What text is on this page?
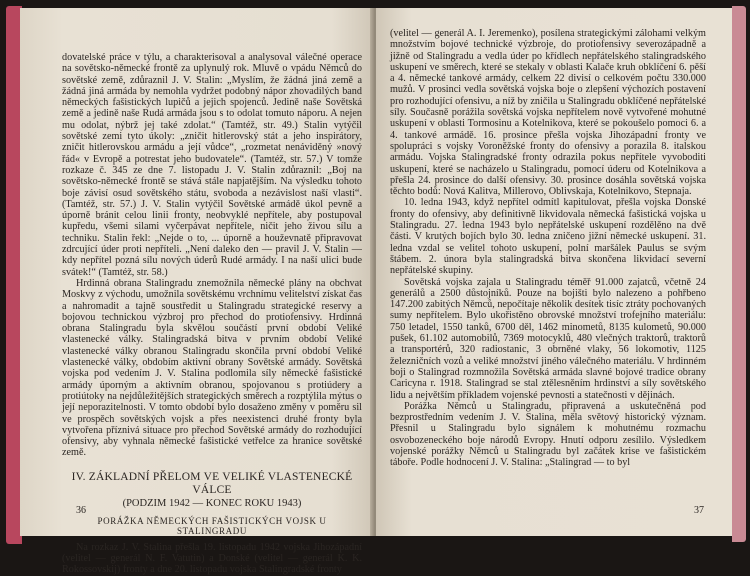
dovatelské práce v týlu, a charakterisoval a analysoval válečné operace na sovětsko-německé frontě za uplynulý rok. Mluvě o vpádu Němců do sovětské země, zdůraznil J. V. Stalin: „Myslím, že žádná jiná země a žádná jiná armáda by nemohla vydržet podobný nápor zhovadilých band německých fašistických lupičů a jejich spojenců. Jedině naše Sovětská země a jedině naše Rudá armáda jsou s to odolat tomuto náporu. A nejen mu odolat, nýbrž jej také zdolat.“ (Tamtéž, str. 49.) Stalin vytýčil sovětské zemi tyto úkoly: „zničit hitlerovský stát a jeho inspirátory, zničit hitlerovskou armádu a její vůdce“, „rozmetat nenáviděný »nový řád« v Evropě a potrestat jeho budovatele“. (Tamtéž, str. 57.) V tomže rozkaze č. 345 ze dne 7. listopadu J. V. Stalin zdůraznil: „Boj na sovětsko-německé frontě se stává stále napjatějším. Na výsledku tohoto boje závisí osud sovětského státu, svoboda a nezávislost naší vlasti“. (Tamtéž, str. 57.) J. V. Stalin vytýčil Sovětské armádě úkol pevně a úporně bránit celou linii fronty, neobvyklé nepřítele, aby postupoval kupředu, všemi silami vyčerpávat nepřítele, ničit jeho živou sílu a techniku. Stalin řekl: „Nejde o to, ... úporně a houževnatě připravovat zdrcující úder proti nepříteli. „Není daleko den — pravil J. V. Stalin — kdy nepřítel pozná sílu nových úderů Rudé armády. I na naší ulici bude svátek!“ (Tamtéž, str. 58.)

Hrdinná obrana Stalingradu znemožnila německé plány na obchvat Moskvy z východu, umožnila sovětskému vrchnímu velitelství získat čas a nahromadit a tajně soustředit u Stalingradu strategické reservy a bojovou technickou výzbroj pro přechod do protiofensivy. Hrdinná obrana Stalingradu byla skvělou součástí první období Veliké vlastenecké války. Stalingradská bitva v prvním období Veliké vlastenecké války obranou Stalingradu skončila první období Veliké vlastenecké války, obdobím aktivní obrany Sovětské armády. Sovětská vojska pod vedením J. V. Stalina podlomila síly německé fašistické armády úporným a aktivním obranou, spojovanou s protiúdery a protiútoky na nejdůležitějších strategických směrech a rozptýlila mýtus o její neporazitelnosti. V tomto období bylo dosaženo změny v poměru sil ve prospěch sovětských vojsk a přes neexistenci druhé fronty byla vytvořena příznivá situace pro přechod Sovětské armády do rozhodující ofensivy, aby vyhnala německé fašistické vetřelce za hranice sovětské země.

IV. ZÁKLADNÍ PŘELOM VE VELIKÉ VLASTENECKÉ VÁLCE
(PODZIM 1942 — KONEC ROKU 1943)
PORÁŽKA NĚMECKÝCH FAŠISTICKÝCH VOJSK U STALINGRADU

Na rozkaz J. V. Stalina přešla 19. listopadu 1942 vojska Jihozápadní (velitel — generál N. F. Vatutin) a Donské (velitel — generál K. K. Rokossovskij) fronty a dne 20. listopadu vojska Stalingradské fronty

36

(velitel — generál A. I. Jeremenko), posílena strategickými zálohami velkým množstvím bojové technické výzbroje, do protiofensivy severozápadně a jižně od Stalingradu a vedla úder po křídlech nepřátelského stalingradského uskupení ve směrech, které se stekaly v oblasti Kalače kruh obklíčení 6. pěší a 4. německé tankové armády, celkem 22 divisí o celkovém počtu 330.000 mužů. V prosinci vedla sovětská vojska boje o zlepšení výchozích postavení pro rozhodující ofensivu, a níž by zničila u Stalingradu obklíčené nepřátelské síly. Současně porážila sovětská vojska nepřítelem nově vytvořené mohutné uskupení v oblasti Tormosinu a Kotelnikova, které se pokoušelo pomoci 6. a 4. tankové armádě. 16. prosince přešla vojska Jihozápadní fronty ve spolupráci s vojsky Voroněžské fronty do ofensivy a porazila 8. italskou armádu. Vojska Stalingradské fronty odrazila pokus nepřítele vyvoboditi uskupení, které se nacházelo u Stalingradu, pomocí úderu od Kotelnikova a přešla 24. prosince do další ofensivy. 30. prosince dosáhla sovětská vojska těchto bodů: Nová Kalitva, Millerovo, Oblivskaja, Kotelnikovo, Stepnaja.

10. ledna 1943, když nepřítel odmítl kapitulovat, přešla vojska Donské fronty do ofensivy, aby definitivně likvidovala německá fašistická vojska u Stalingradu. 27. ledna 1943 bylo nepřátelské uskupení rozdělěno na dvě části. V krutých bojích bylo 30. ledna zničeno jižní německé uskupení. 31. ledna vzdal se velitel tohoto uskupení, polní maršálek Paulus se svým štábem. 2. února byla stalingradská bitva skončena likvidací severní nepřátelské skupiny.

Sovětská vojska zajala u Stalingradu téměř 91.000 zajatců, včetně 24 generálů a 2500 důstojníků. Pouze na bojišti bylo nalezeno a pohřbeno 147.200 zabitých Němců, nepočítaje několik desítek tisíc ztráty pochovaných sumy nepřítelem. Bylo ukořistěno obrovské množství trofejního materiálu: 750 letadel, 1550 tanků, 6700 děl, 1462 minometů, 8135 kulometů, 90.000 pušek, 61.102 automobilů, 7369 motocyklů, 480 vlečných traktorů, traktorů a transportérů, 320 radiostanic, 3 obrněné vlaky, 56 lokomotiv, 1125 železničních vozů a veliké množství jiného válečného materiálu. V hrdinném boji o Stalingrad rozmnožila Sovětská armáda slavné bojové tradice obrany Caricyna r. 1918. Stalingrad se stal ztělesněním hrdinství a síly sovětského lidu a největším příkladem vojenské pevnosti a statečnosti v dějinách.

Porážka Němců u Stalingradu, připravená a uskutečněná pod bezprostředním vedením J. V. Stalina, měla světový historický význam. Přesnil u Stalingradu bylo signálem k mohutnému rozmachu osvobozeneckého boje národů Evropy. Hnutí odporu zesílilo. Výsledkem vojenské porážky Němců u Stalingradu byl začátek krise ve fašistickém táboře. Podle hodnocení J. V. Stalina: „Stalingrad — to byl

37
